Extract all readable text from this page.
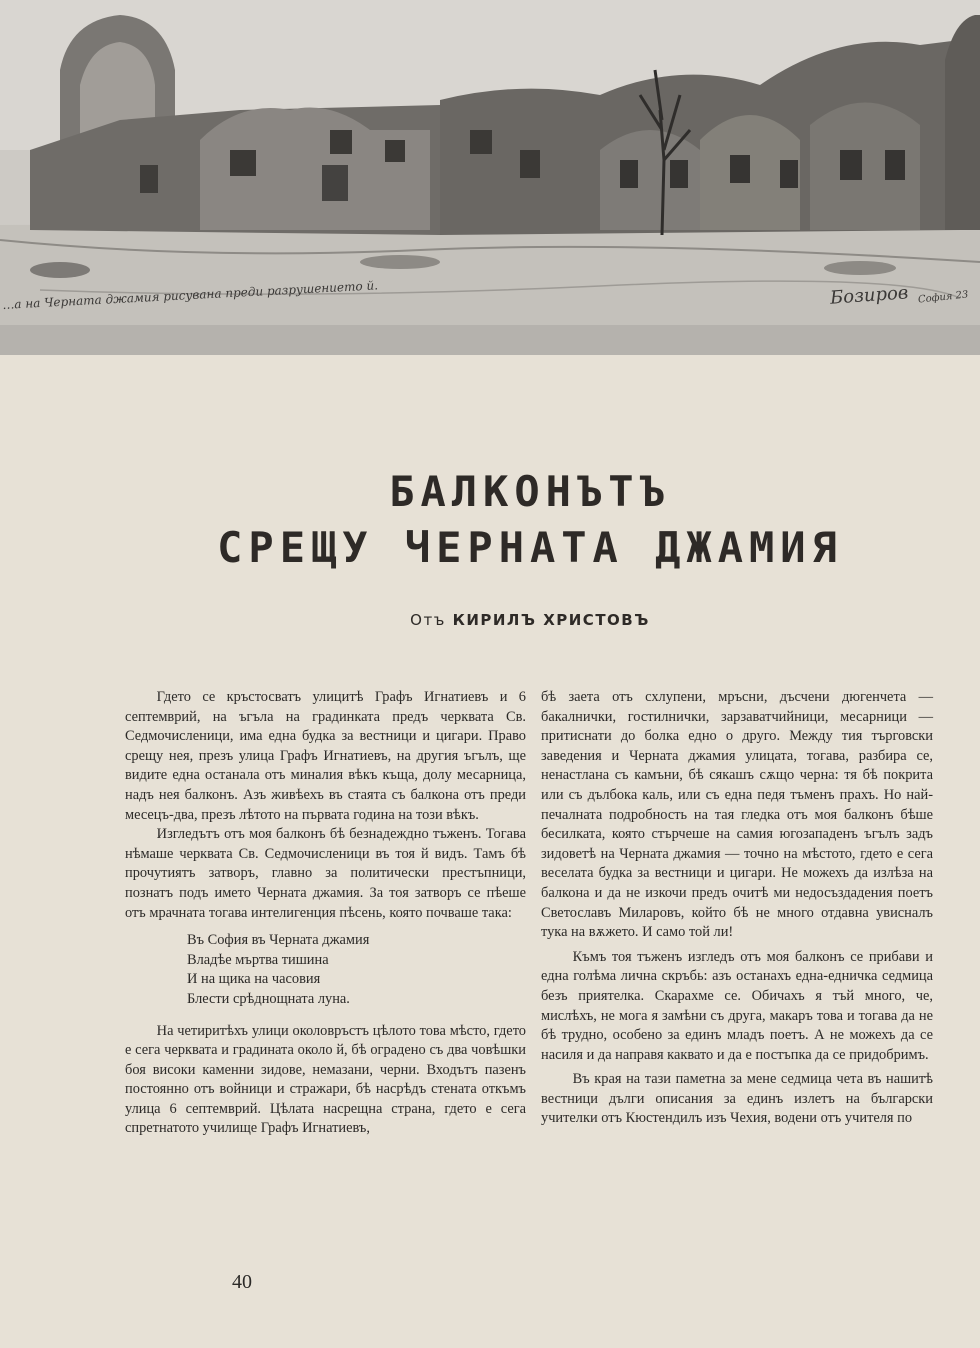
…а на Черната джамия рисувана преди разрушението й.	Бозиров София 23
БАЛКОНЪТЪ
СРЕЩУ ЧЕРНАТА ДЖАМИЯ
Отъ КИРИЛЪ ХРИСТОВЪ

Гдето се кръстосватъ улицитѣ Графъ Игнатиевъ и 6 септемврий, на ъгъла на градинката предъ черквата Св. Седмочисленици, има една будка за вестници и цигари. Право срещу нея, презъ улица Графъ Игнатиевъ, на другия ъгълъ, ще видите една останала отъ миналия вѣкъ къща, долу месарница, надъ нея балконъ. Азъ живѣехъ въ стаята съ балкона отъ преди месецъ-два, презъ лѣтото на първата година на този вѣкъ.

Изгледътъ отъ моя балконъ бѣ безнадеждно тъженъ. Тогава нѣмаше черквата Св. Седмочисленици въ тоя й видъ. Тамъ бѣ прочутиятъ затворъ, главно за политически престъпници, познатъ подъ името Черната джамия. За тоя затворъ се пѣеше отъ мрачната тогава интелигенция пѣсень, която почваше така:

Въ София въ Черната джамия
Владѣе мъртва тишина
И на щика на часовия
Блести срѣднощната луна.

На четиритѣхъ улици околовръстъ цѣлото това мѣсто, гдето е сега черквата и градината около й, бѣ оградено съ два човѣшки боя високи каменни зидове, немазани, черни. Входътъ пазенъ постоянно отъ войници и стражари, бѣ насрѣдъ стената откъмъ улица 6 септемврий. Цѣлата насрещна страна, гдето е сега спретнатото училище Графъ Игнатиевъ,

бѣ заета отъ схлупени, мръсни, дъсчени дюгенчета — бакалнички, гостилнички, зарзаватчийници, месарници — притиснати до болка едно о друго. Между тия търговски заведения и Черната джамия улицата, тогава, разбира се, ненастлана съ камъни, бѣ сякашъ сѫщо черна: тя бѣ покрита или съ дълбока каль, или съ една педя тъменъ прахъ. Но най-печалната подробность на тая гледка отъ моя балконъ бѣше бесилката, която стърчеше на самия югозападенъ ъгълъ задъ зидоветѣ на Черната джамия — точно на мѣстото, гдето е сега веселата будка за вестници и цигари. Не можехъ да излѣза на балкона и да не изкочи предъ очитѣ ми недосъздадения поетъ Светославъ Миларовъ, който бѣ не много отдавна увисналъ тука на вѫжето. И само той ли!

Къмъ тоя тъженъ изгледъ отъ моя балконъ се прибави и една голѣма лична скръбь: азъ останахъ една-едничка седмица безъ приятелка. Скарахме се. Обичахъ я тъй много, че, мислѣхъ, не мога я замѣни съ друга, макаръ това и тогава да не бѣ трудно, особено за единъ младъ поетъ. А не можехъ да се насиля и да направя каквато и да е постъпка да се придобримъ.

Въ края на тази паметна за мене седмица чета въ нашитѣ вестници дълги описания за единъ излетъ на български учителки отъ Кюстендилъ изъ Чехия, водени отъ учителя по

40
